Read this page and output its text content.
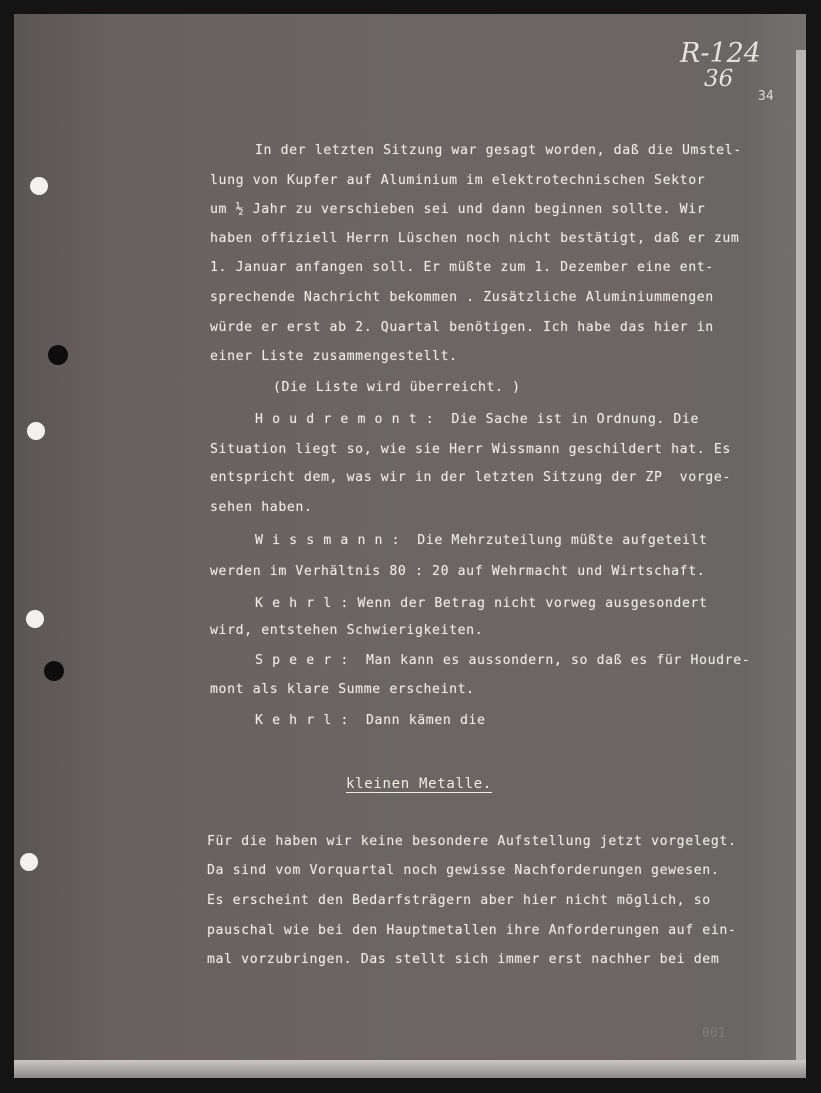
R-124
36
34

In der letzten Sitzung war gesagt worden, daß die Umstel-

lung von Kupfer auf Aluminium im elektrotechnischen Sektor

um ½ Jahr zu verschieben sei und dann beginnen sollte. Wir

haben offiziell Herrn Lüschen noch nicht bestätigt, daß er zum

1. Januar anfangen soll. Er müßte zum 1. Dezember eine ent-

sprechende Nachricht bekommen . Zusätzliche Aluminiummengen

würde er erst ab 2. Quartal benötigen. Ich habe das hier in

einer Liste zusammengestellt.

(Die Liste wird überreicht. )

H o u d r e m o n t :  Die Sache ist in Ordnung. Die

Situation liegt so, wie sie Herr Wissmann geschildert hat. Es

entspricht dem, was wir in der letzten Sitzung der ZP  vorge-

sehen haben.

W i s s m a n n :  Die Mehrzuteilung müßte aufgeteilt

werden im Verhältnis 80 : 20 auf Wehrmacht und Wirtschaft.

K e h r l : Wenn der Betrag nicht vorweg ausgesondert

wird, entstehen Schwierigkeiten.

S p e e r :  Man kann es aussondern, so daß es für Houdre-

mont als klare Summe erscheint.

K e h r l :  Dann kämen die

kleinen Metalle.

Für die haben wir keine besondere Aufstellung jetzt vorgelegt.

Da sind vom Vorquartal noch gewisse Nachforderungen gewesen.

Es erscheint den Bedarfsträgern aber hier nicht möglich, so

pauschal wie bei den Hauptmetallen ihre Anforderungen auf ein-

mal vorzubringen. Das stellt sich immer erst nachher bei dem

001
